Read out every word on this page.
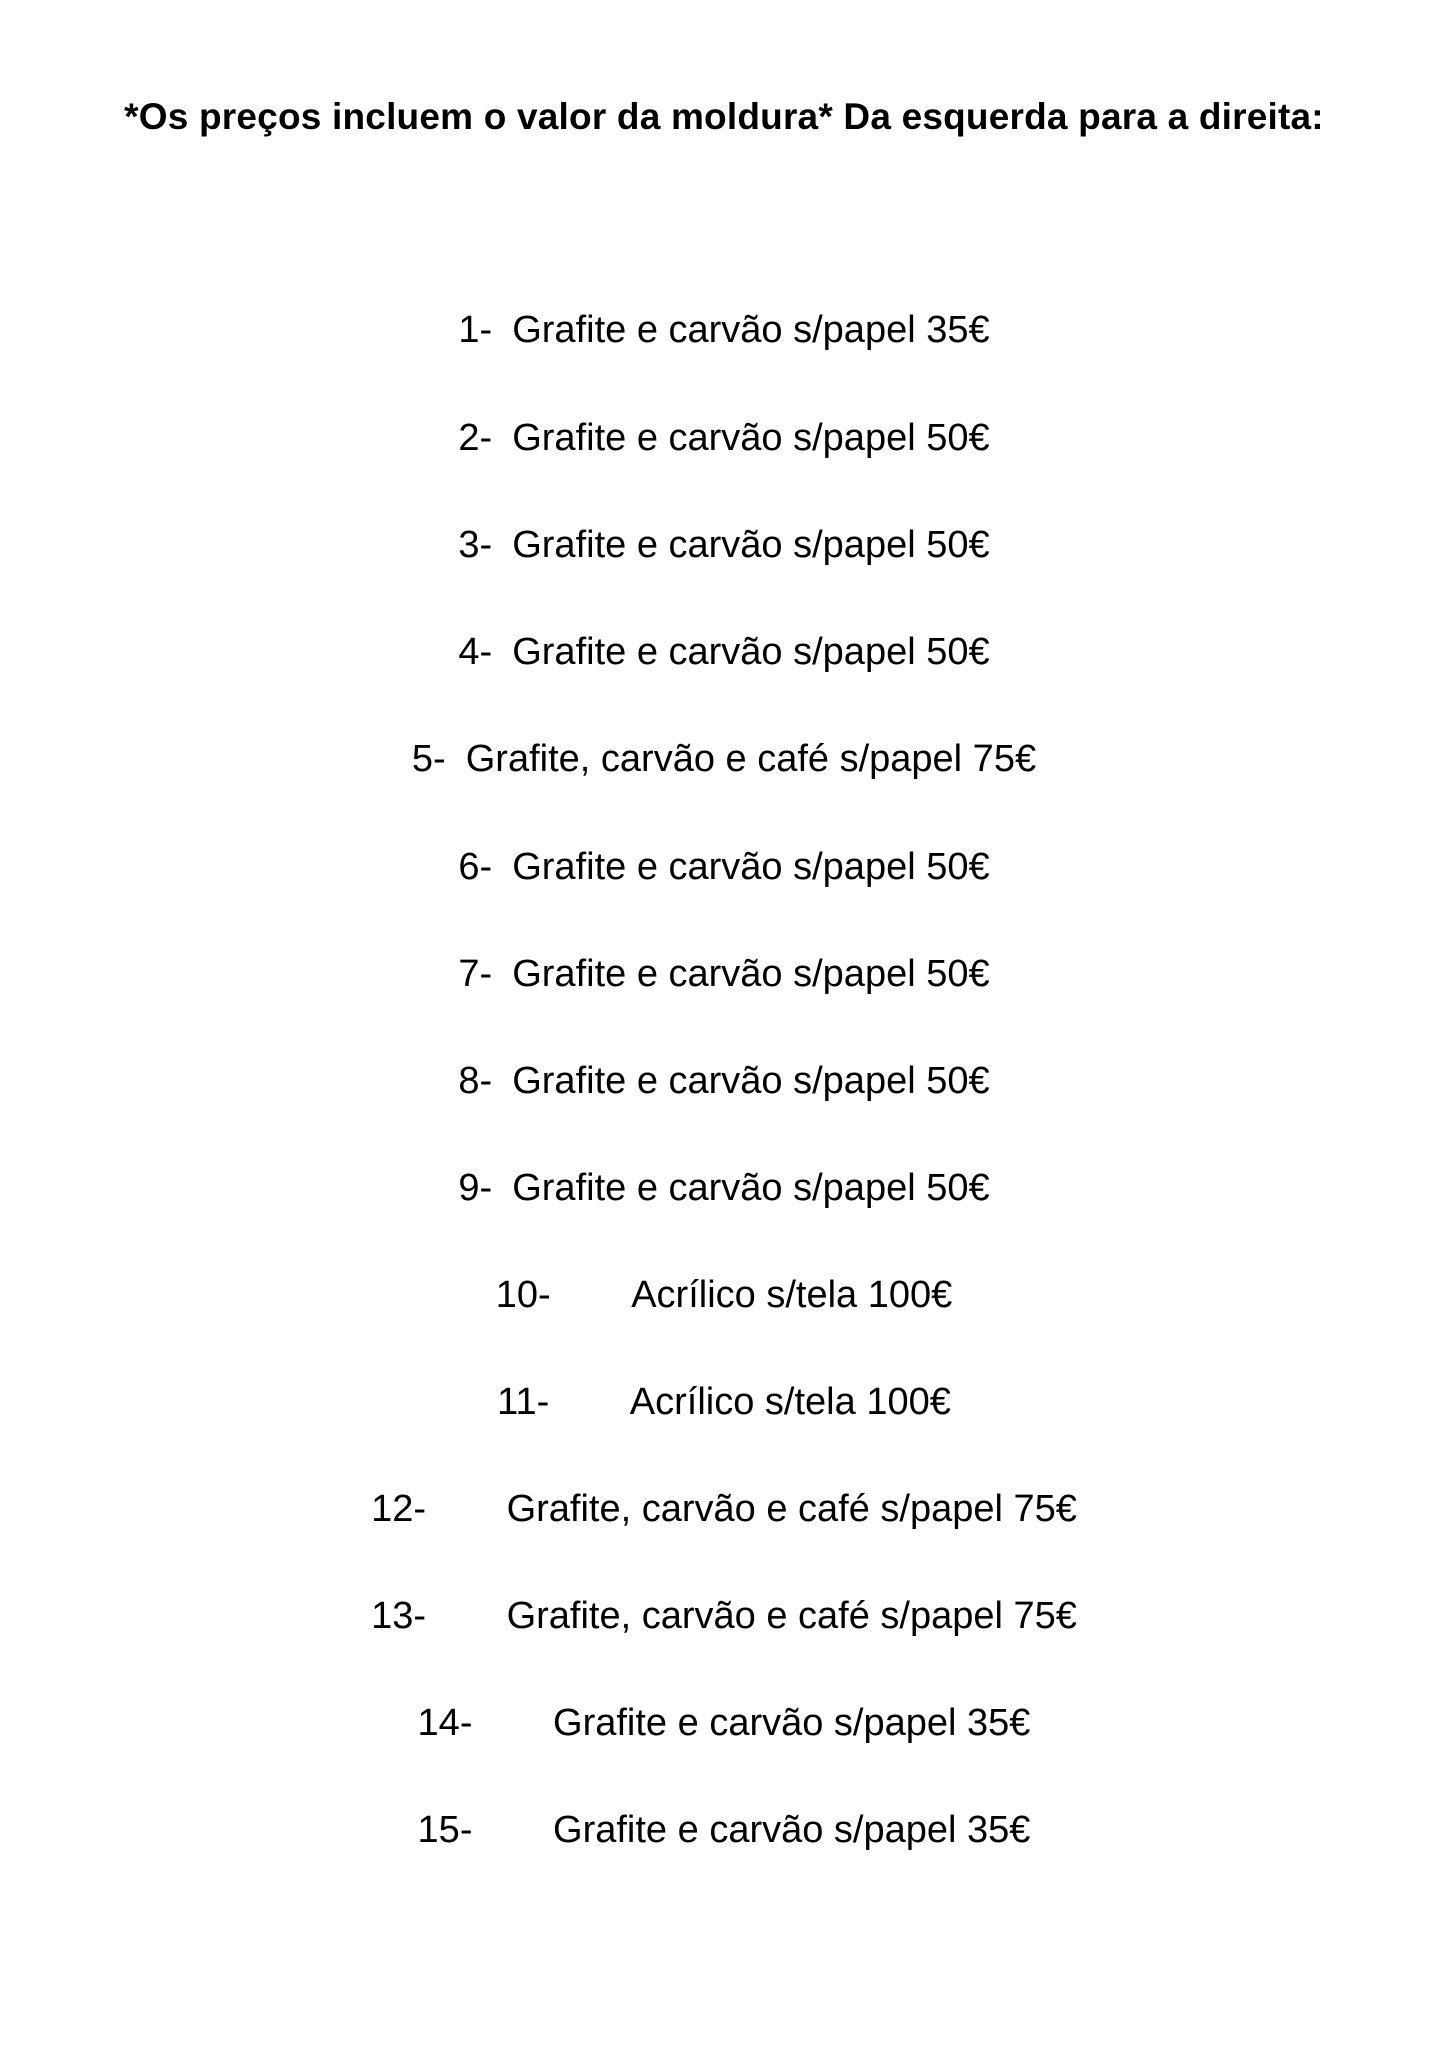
*Os preços incluem o valor da moldura* Da esquerda para a direita:
1- Grafite e carvão s/papel 35€
2- Grafite e carvão s/papel 50€
3- Grafite e carvão s/papel 50€
4- Grafite e carvão s/papel 50€
5- Grafite, carvão e café s/papel 75€
6- Grafite e carvão s/papel 50€
7- Grafite e carvão s/papel 50€
8- Grafite e carvão s/papel 50€
9- Grafite e carvão s/papel 50€
10- Acrílico s/tela 100€
11- Acrílico s/tela 100€
12- Grafite, carvão e café s/papel 75€
13- Grafite, carvão e café s/papel 75€
14- Grafite e carvão s/papel 35€
15- Grafite e carvão s/papel 35€
